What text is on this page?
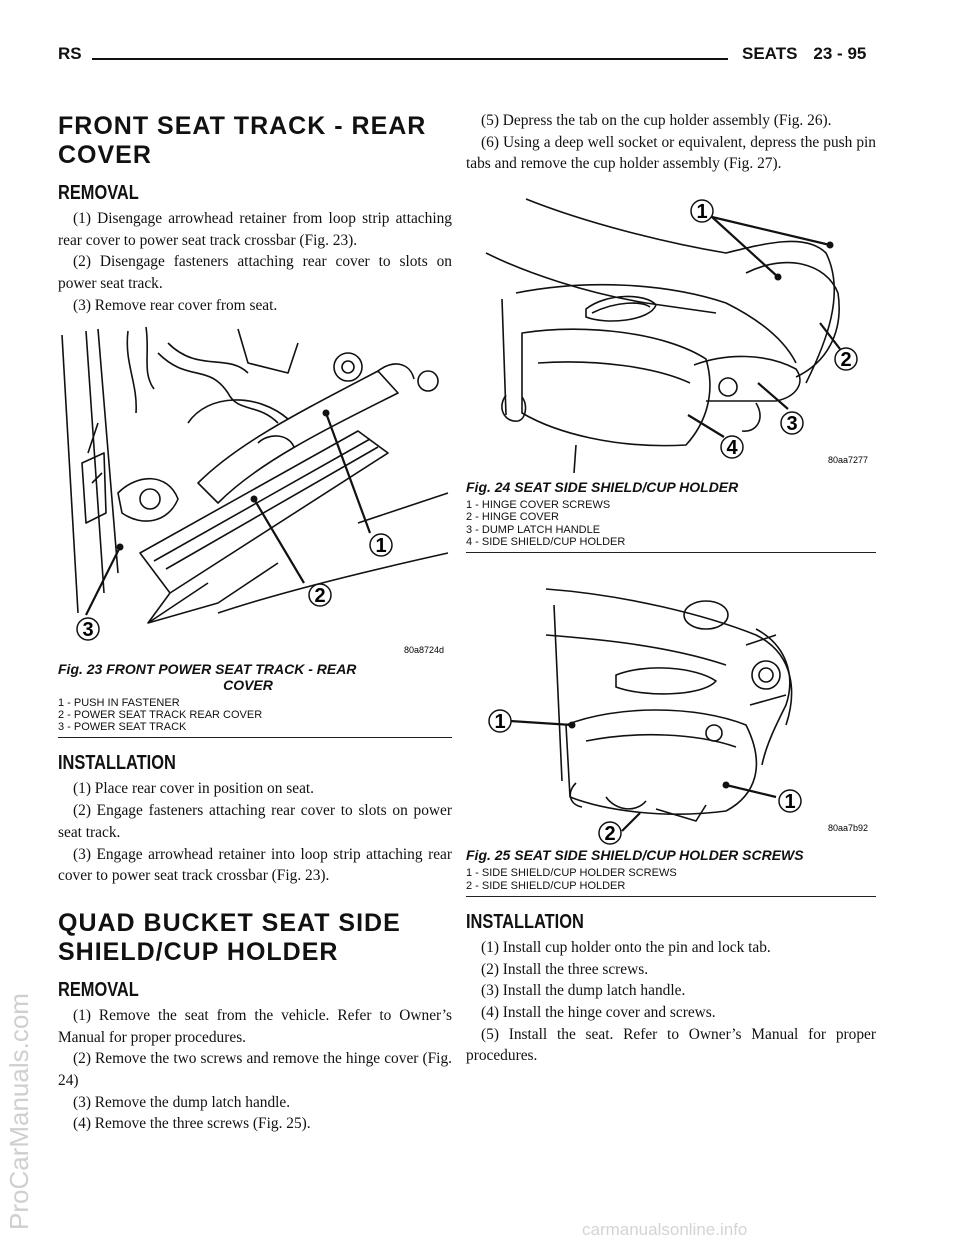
RS	SEATS 23 - 95
FRONT SEAT TRACK - REAR
COVER
REMOVAL

(1) Disengage arrowhead retainer from loop strip attaching rear cover to power seat track crossbar (Fig. 23).

(2) Disengage fasteners attaching rear cover to slots on power seat track.

(3) Remove rear cover from seat.

1
2
3
80a8724d

Fig. 23 FRONT POWER SEAT TRACK - REAR

COVER

1 - PUSH IN FASTENER
2 - POWER SEAT TRACK REAR COVER
3 - POWER SEAT TRACK
INSTALLATION

(1) Place rear cover in position on seat.

(2) Engage fasteners attaching rear cover to slots on power seat track.

(3) Engage arrowhead retainer into loop strip attaching rear cover to power seat track crossbar (Fig. 23).

QUAD BUCKET SEAT SIDE
SHIELD/CUP HOLDER
REMOVAL

(1) Remove the seat from the vehicle. Refer to Owner’s Manual for proper procedures.

(2) Remove the two screws and remove the hinge cover (Fig. 24)

(3) Remove the dump latch handle.

(4) Remove the three screws (Fig. 25).

(5) Depress the tab on the cup holder assembly (Fig. 26).

(6) Using a deep well socket or equivalent, depress the push pin tabs and remove the cup holder assembly (Fig. 27).

1
2
3
4
80aa7277

Fig. 24 SEAT SIDE SHIELD/CUP HOLDER

1 - HINGE COVER SCREWS
2 - HINGE COVER
3 - DUMP LATCH HANDLE
4 - SIDE SHIELD/CUP HOLDER
1
1
2	80aa7b92

Fig. 25 SEAT SIDE SHIELD/CUP HOLDER SCREWS

1 - SIDE SHIELD/CUP HOLDER SCREWS
2 - SIDE SHIELD/CUP HOLDER
INSTALLATION

(1) Install cup holder onto the pin and lock tab.

(2) Install the three screws.

(3) Install the dump latch handle.

(4) Install the hinge cover and screws.

(5) Install the seat. Refer to Owner’s Manual for proper procedures.

ProCarManuals.com	carmanualsonline.info
